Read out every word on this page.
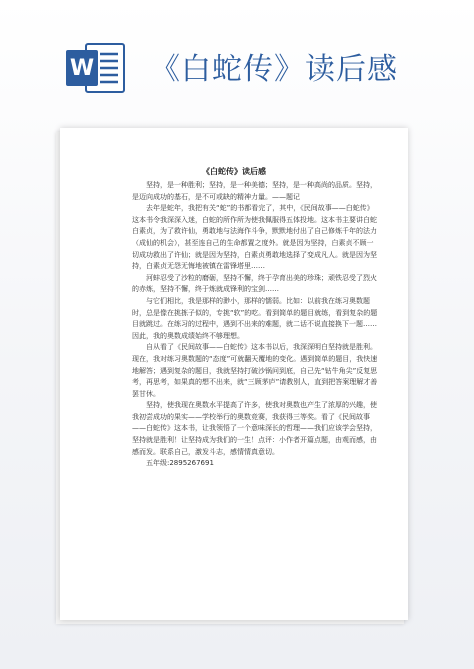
W 《白蛇传》读后感
《白蛇传》读后感

坚持，是一种胜利；坚持，是一种美德；坚持，是一种高尚的品质。坚持，是迈向成功的基石，是不可或缺的精神力量。——题记

去年是蛇年，我把有关“蛇”的书都看完了，其中，《民间故事——白蛇传》这本书令我深深入迷，白蛇的所作所为使我佩服得五体投地。这本书主要讲白蛇白素贞，为了救许仙，勇敢地与法海作斗争，默默地付出了自己修炼千年的法力（成仙的机会），甚至连自己的生命都置之度外。就是因为坚持，白素贞不顾一切成功救出了许仙；就是因为坚持，白素贞勇敢地选择了变成凡人。就是因为坚持，白素贞无怨无悔地被镇在雷锋塔里……

河蚌忍受了沙粒的磨砺，坚持不懈，终于孕育出美的珍珠；顽铁忍受了烈火的赤炼，坚持不懈，终于炼就成锋利的宝剑……

与它们相比，我是那样的渺小，那样的懦弱。比如：以前我在练习奥数题时，总是像在挑拣子似的，专挑“软”的吃。看到简单的题目就练，看到复杂的题目就跳过。在练习的过程中，遇到不出来的难题，就二话不说直接换下一题……因此，我的奥数成绩始终不够理想。

自从看了《民间故事——白蛇传》这本书以后，我深深明白坚持就是胜利。现在，我对练习奥数题的“态度”可就翻天覆地的变化。遇到简单的题目，我快速地解答；遇到复杂的题目，我就坚持打破沙锅问到底，自己先“钻牛角尖”反复思考，再思考，如果真的想不出来，就“三顾茅庐”请教别人，直到把答案理解才善罢甘休。

坚持，使我现在奥数水平提高了许多，使我对奥数也产生了浓厚的兴趣，使我初尝成功的果实——学校举行的奥数竞赛，我获得三等奖。看了《民间故事——白蛇传》这本书，让我领悟了一个意味深长的哲理——我们应该学会坚持，坚持就是胜利！让坚持成为我们的一生！点评：小作者开篇点题，由观而感，由感而发。联系自己，激发斗志，感情情真意切。

五年级:2895267691
